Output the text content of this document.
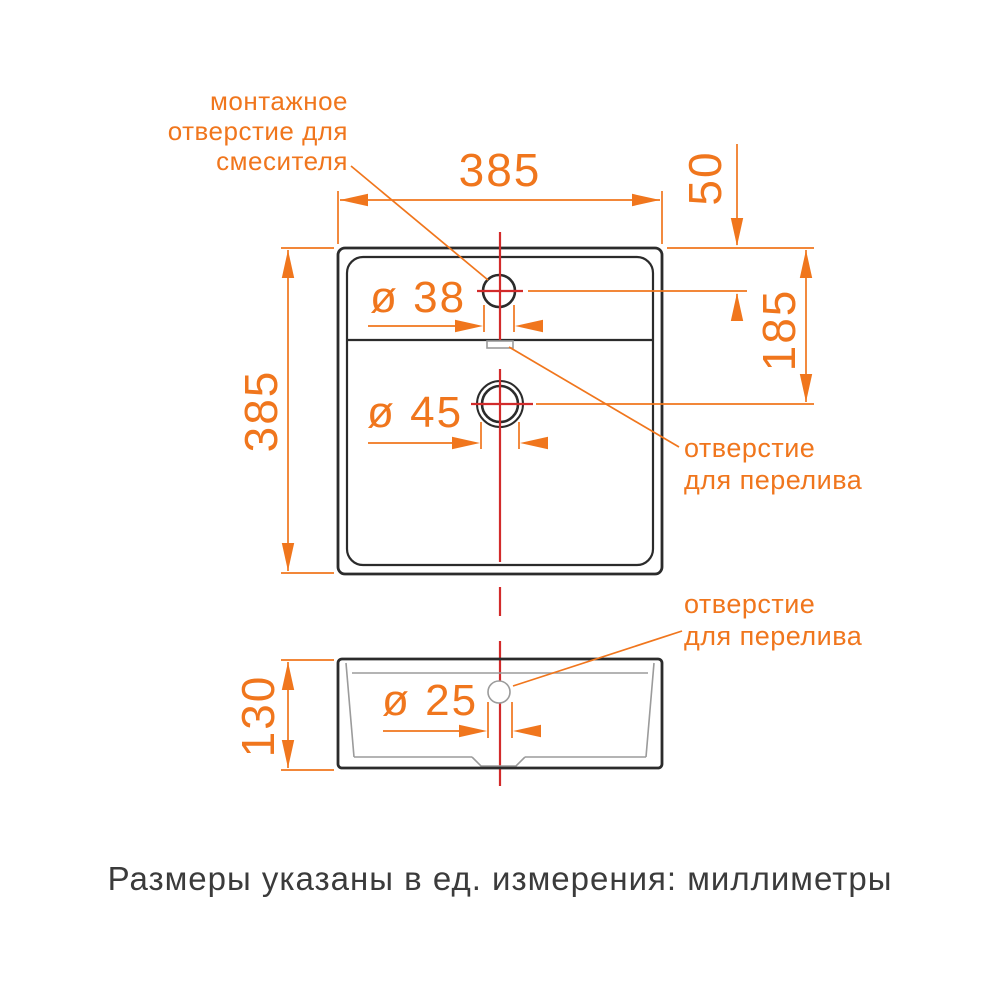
385	50
185
385
ø 38
ø 45
130 ø 25
монтажное
отверстие для
смесителя
отверстие
для перелива
отверстие
для перелива
Размеры указаны в ед. измерения: миллиметры
